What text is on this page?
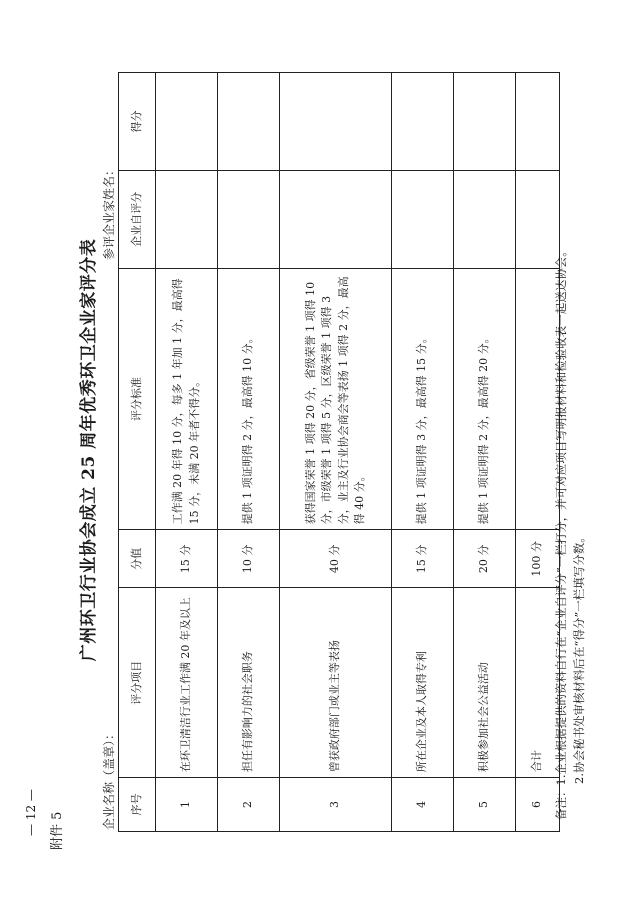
— 12 — 附件 5
广州环卫行业协会成立 25 周年优秀环卫企业家评分表
企业名称（盖章）：
参评企业家姓名：
序号	评分项目	分值	评分标准	企业自评分	得分
1	在环卫清洁行业工作满 20 年及以上	15 分	工作满 20 年得 10 分，每多 1 年加 1 分，最高得 15 分，未满 20 年者不得分。		
2	担任有影响力的社会职务	10 分	提供 1 项证明得 2 分，最高得 10 分。		
3	曾获政府部门或业主等表扬	40 分	获得国家荣誉 1 项得 20 分，省级荣誉 1 项得 10 分，市级荣誉 1 项得 5 分，区级荣誉 1 项得 3 分，业主及行业协会商会等表扬 1 项得 2 分，最高得 40 分。		
4	所在企业及本人取得专利	15 分	提供 1 项证明得 3 分，最高得 15 分。		
5	积极参加社会公益活动	20 分	提供 1 项证明得 2 分，最高得 20 分。		
6	合计	100 分			备注：1.企业根据提供的资料自行在“企业自评分”一栏打分，并可对应项目写明报材料和检验收表一起送达协会。 2.协会秘书处审核材料后在“得分”一栏填写分数。
